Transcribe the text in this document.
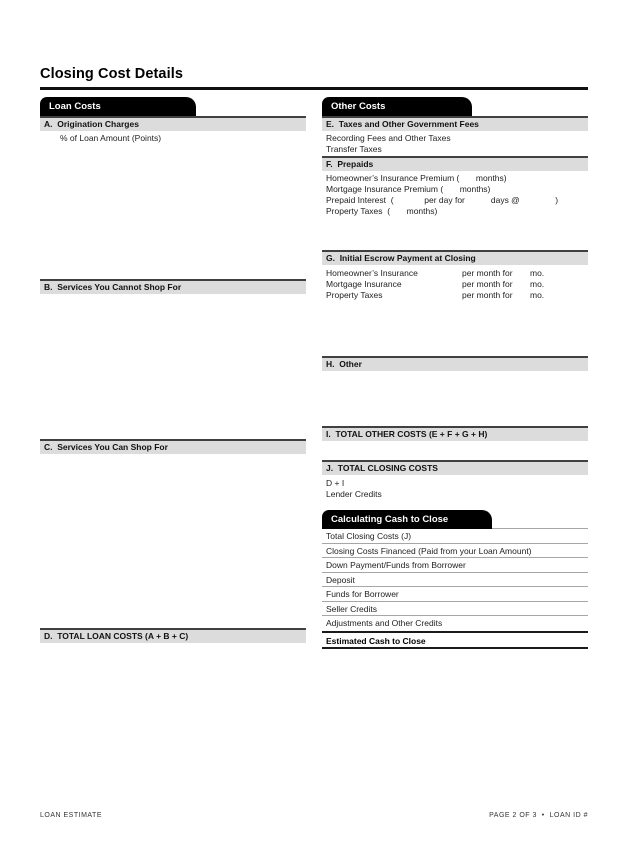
Closing Cost Details
Loan Costs
A.  Origination Charges
% of Loan Amount (Points)
B.  Services You Cannot Shop For
C.  Services You Can Shop For
D.  TOTAL LOAN COSTS (A + B + C)
Other Costs
E.  Taxes and Other Government Fees
Recording Fees and Other Taxes
Transfer Taxes
F.  Prepaids
Homeowner’s Insurance Premium (       months)
Mortgage Insurance Premium (       months)
Prepaid Interest  (             per day for           days @               )
Property Taxes  (       months)
G.  Initial Escrow Payment at Closing
Homeowner’s Insurance	per month for mo.
Mortgage Insurance	per month for mo.
Property Taxes	per month for mo.
H.  Other
I.  TOTAL OTHER COSTS (E + F + G + H)
J.  TOTAL CLOSING COSTS
D + I
Lender Credits
Calculating Cash to Close
Total Closing Costs (J)
Closing Costs Financed (Paid from your Loan Amount)
Down Payment/Funds from Borrower
Deposit
Funds for Borrower
Seller Credits
Adjustments and Other Credits
Estimated Cash to Close
LOAN ESTIMATE	PAGE 2 OF 3  •  LOAN ID #
